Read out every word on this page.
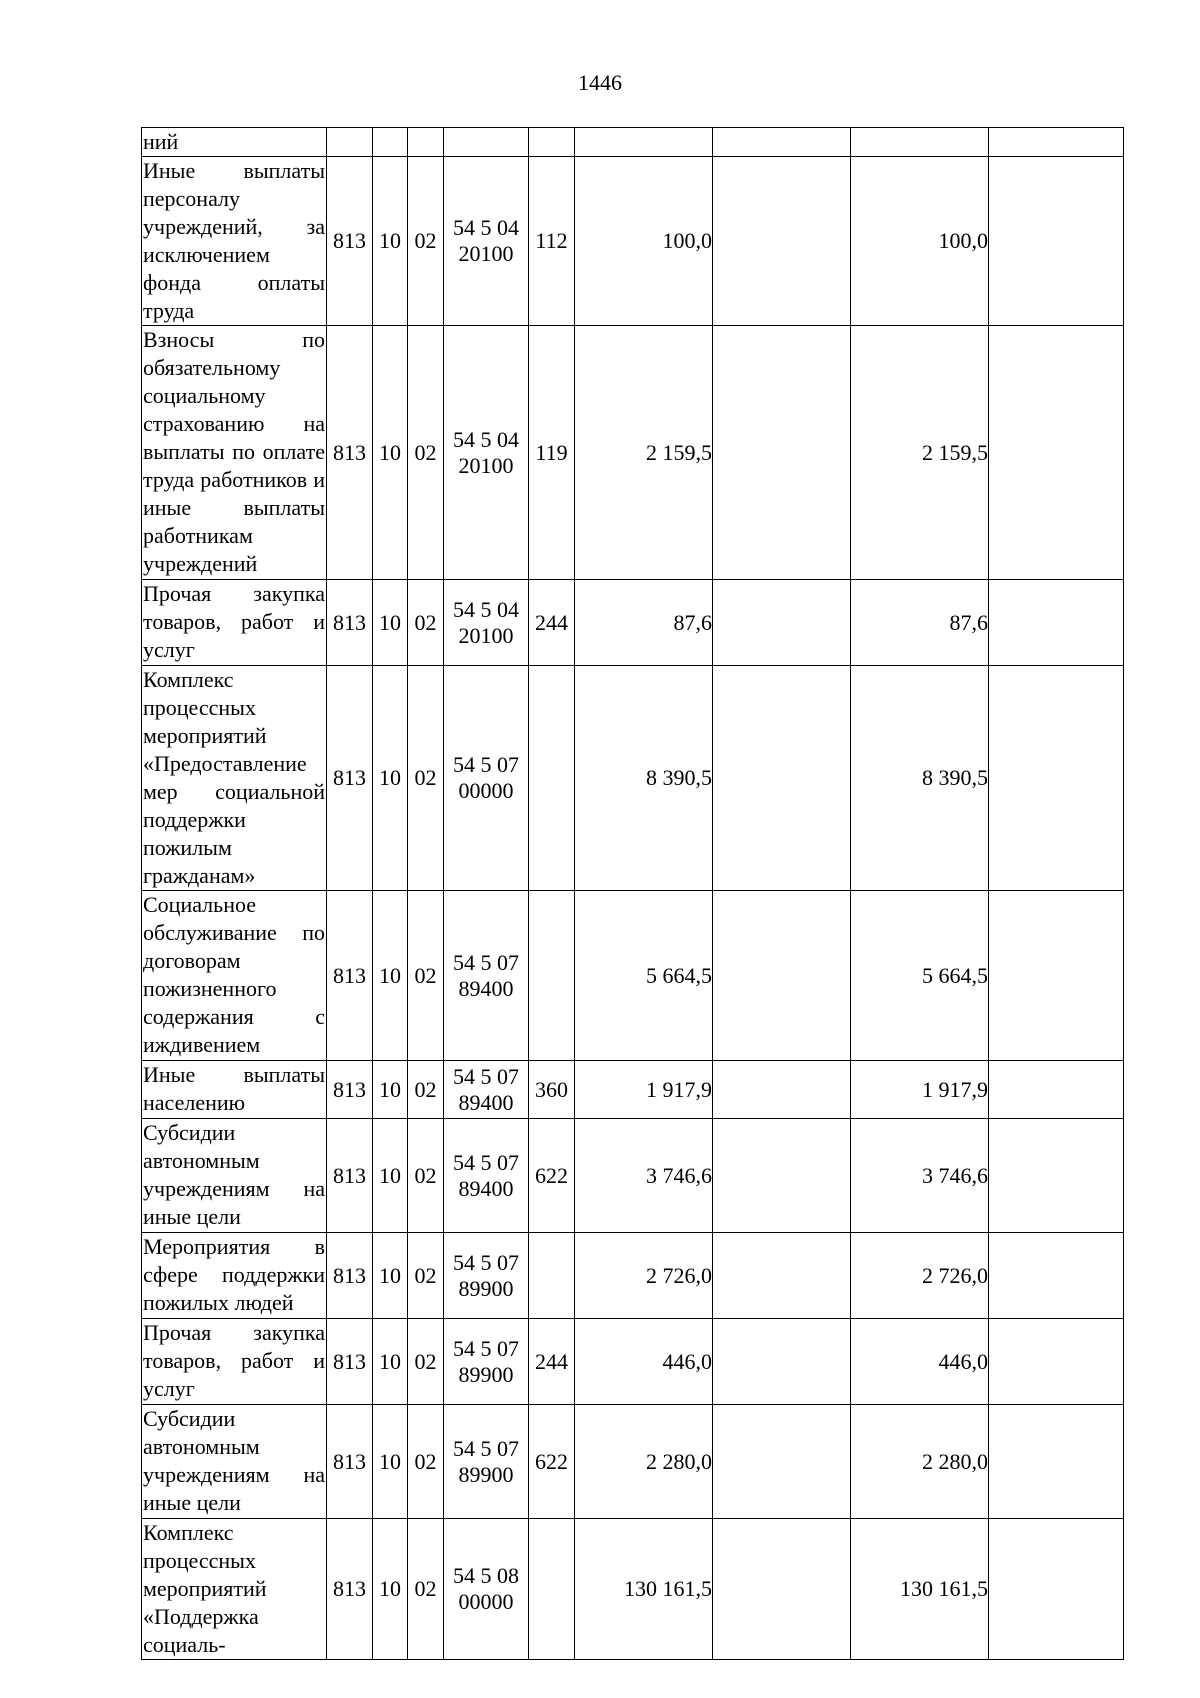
1446
ний									
Иные выплаты персоналу учреждений, за исключением фонда оплаты труда	813	10	02	54 5 04 20100	112	100,0		100,0	
Взносы по обязательному социальному страхованию на выплаты по оплате труда работников и иные выплаты работникам учреждений	813	10	02	54 5 04 20100	119	2 159,5		2 159,5	
Прочая закупка товаров, работ и услуг	813	10	02	54 5 04 20100	244	87,6		87,6	
Комплекс процессных мероприятий «Предоставление мер социальной поддержки пожилым гражданам»	813	10	02	54 5 07 00000		8 390,5		8 390,5	
Социальное обслуживание по договорам пожизненного содержания с иждивением	813	10	02	54 5 07 89400		5 664,5		5 664,5	
Иные выплаты населению	813	10	02	54 5 07 89400	360	1 917,9		1 917,9	
Субсидии автономным учреждениям на иные цели	813	10	02	54 5 07 89400	622	3 746,6		3 746,6	
Мероприятия в сфере поддержки пожилых людей	813	10	02	54 5 07 89900		2 726,0		2 726,0	
Прочая закупка товаров, работ и услуг	813	10	02	54 5 07 89900	244	446,0		446,0	
Субсидии автономным учреждениям на иные цели	813	10	02	54 5 07 89900	622	2 280,0		2 280,0	
Комплекс процессных мероприятий «Поддержка социаль-	813	10	02	54 5 08 00000		130 161,5		130 161,5	
